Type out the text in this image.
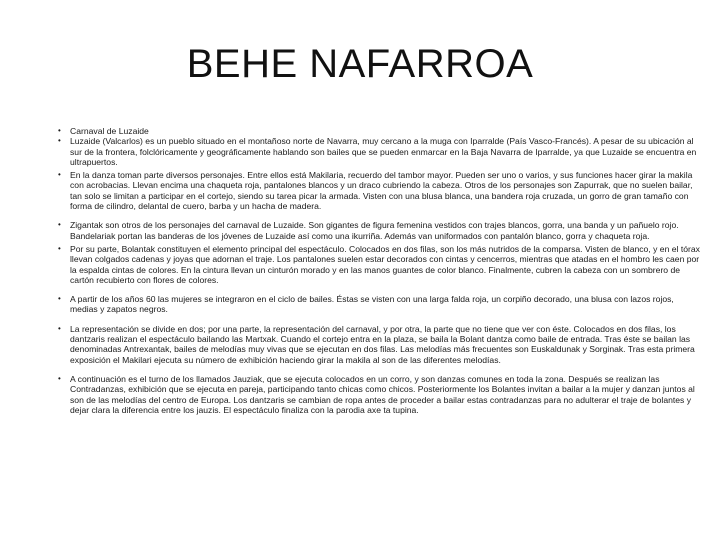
BEHE NAFARROA
• Carnaval de Luzaide
• Luzaide (Valcarlos) es un pueblo situado en el montañoso norte de Navarra, muy cercano a la muga con Iparralde (País Vasco-Francés). A pesar de su ubicación al sur de la frontera, folclóricamente y geográficamente hablando son bailes que se pueden enmarcar en la Baja Navarra de Iparralde, ya que Luzaide se encuentra en ultrapuertos.
• En la danza toman parte diversos personajes. Entre ellos está Makilaria, recuerdo del tambor mayor. Pueden ser uno o varios, y sus funciones hacer girar la makila con acrobacias. Llevan encima una chaqueta roja, pantalones blancos y un draco cubriendo la cabeza. Otros de los personajes son Zapurrak, que no suelen bailar, tan solo se limitan a participar en el cortejo, siendo su tarea picar la armada. Visten con una blusa blanca, una bandera roja cruzada, un gorro de gran tamaño con forma de cilindro, delantal de cuero, barba y un hacha de madera.
• Zigantak son otros de los personajes del carnaval de Luzaide. Son gigantes de figura femenina vestidos con trajes blancos, gorra, una banda y un pañuelo rojo. Bandelariak portan las banderas de los jóvenes de Luzaide así como una ikurriña. Además van uniformados con pantalón blanco, gorra y chaqueta roja.
• Por su parte, Bolantak constituyen el elemento principal del espectáculo. Colocados en dos filas, son los más nutridos de la comparsa. Visten de blanco, y en el tórax llevan colgados cadenas y joyas que adornan el traje. Los pantalones suelen estar decorados con cintas y cencerros, mientras que atadas en el hombro les caen por la espalda cintas de colores. En la cintura llevan un cinturón morado y en las manos guantes de color blanco. Finalmente, cubren la cabeza con un sombrero de cartón recubierto con flores de colores.
• A partir de los años 60 las mujeres se integraron en el ciclo de bailes. Éstas se visten con una larga falda roja, un corpiño decorado, una blusa con lazos rojos, medias y zapatos negros.
• La representación se divide en dos; por una parte, la representación del carnaval, y por otra, la parte que no tiene que ver con éste. Colocados en dos filas, los dantzaris realizan el espectáculo bailando las Martxak. Cuando el cortejo entra en la plaza, se baila la Bolant dantza como baile de entrada. Tras éste se bailan las denominadas Antrexantak, bailes de melodías muy vivas que se ejecutan en dos filas. Las melodías más frecuentes son Euskaldunak y Sorginak. Tras esta primera exposición el Makilari ejecuta su número de exhibición haciendo girar la makila al son de las diferentes melodías.
• A continuación es el turno de los llamados Jauziak, que se ejecuta colocados en un corro, y son danzas comunes en toda la zona. Después se realizan las Contradanzas, exhibición que se ejecuta en pareja, participando tanto chicas como chicos. Posteriormente los Bolantes invitan a bailar a la mujer y danzan juntos al son de las melodías del centro de Europa. Los dantzaris se cambian de ropa antes de proceder a bailar estas contradanzas para no adulterar el traje de bolantes y dejar clara la diferencia entre los jauzis. El espectáculo finaliza con la parodia axe ta tupina.
